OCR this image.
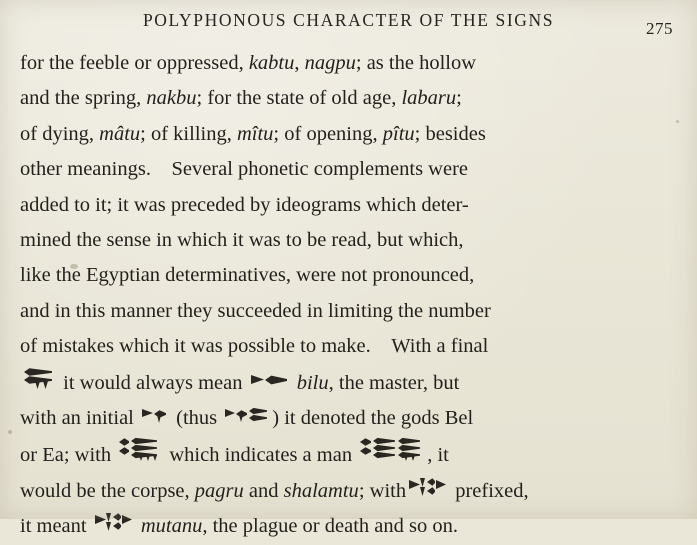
POLYPHONOUS CHARACTER OF THE SIGNS	275

for the feeble or oppressed, kabtu, nagpu; as the hollow
and the spring, nakbu; for the state of old age, labaru;
of dying, mâtu; of killing, mîtu; of opening, pîtu; besides
other meanings. Several phonetic complements were
added to it; it was preceded by ideograms which deter-
mined the sense in which it was to be read, but which,
like the Egyptian determinatives, were not pronounced,
and in this manner they succeeded in limiting the number
of mistakes which it was possible to make. With a final
it would always mean
bilu, the master, but
with an initial
(thus
) it denoted the gods Bel
or Ea; with
which indicates a man	, it
would be the corpse, pagru and shalamtu; with
prefixed,
it meant
mutanu, the plague or death and so on.
